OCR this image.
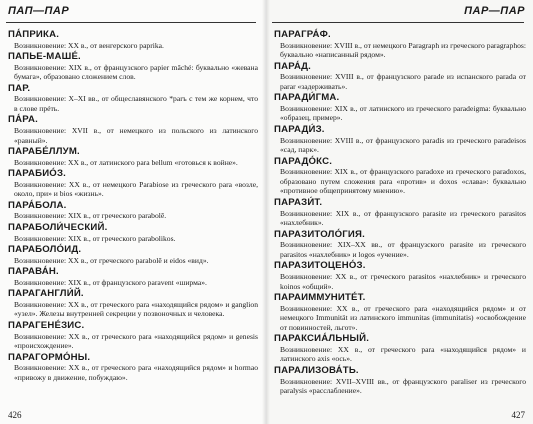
ПАП—ПАР
ПА́ПРИКА.
Возникновение: XX в., от венгерского paprika.
ПАПЬЕ-МАШЕ́.
Возникновение: XIX в., от французского papier mâché: буквально «жевана бумага», образовано сложением слов.
ПАР.
Возникновение: X–XI вв., от общеславянского *parъ с тем же корнем, что в слове прéть.
ПА́РА.
Возникновение: XVII в., от немецкого из польского из латинского «равный».
ПАРАБЕ́ЛЛУМ.
Возникновение: XX в., от латинского para bellum «готовься к войне».
ПАРАБИО́З.
Возникновение: XX в., от немецкого Parabiose из греческого para «возле, около, при» и bios «жизнь».
ПАРА́БОЛА.
Возникновение: XIX в., от греческого parabolē.
ПАРАБОЛИ́ЧЕСКИЙ.
Возникновение: XIX в., от греческого parabolikos.
ПАРАБОЛО́ИД.
Возникновение: XX в., от греческого parabolē и eidos «вид».
ПАРАВА́Н.
Возникновение: XIX в., от французского paravent «ширма».
ПАРАГАНГЛИ́Й.
Возникновение: XX в., от греческого para «находящийся рядом» и ganglion «узел». Железы внутренней секреции у позвоночных и человека.
ПАРАГЕНЕ́ЗИС.
Возникновение: XX в., от греческого para «находящийся рядом» и genesis «происхождение».
ПАРАГОРМО́НЫ.
Возникновение: XX в., от греческого para «находящийся рядом» и hormao «привожу в движение, побуждаю».
426
ПАР—ПАР
ПАРАГРА́Ф.
Возникновение: XVIII в., от немецкого Paragraph из греческого paragraphos: буквально «написанный рядом».
ПАРА́Д.
Возникновение: XVIII в., от французского parade из испанского parada от parar «задерживать».
ПАРАДИ́ГМА.
Возникновение: XIX в., от латинского из греческого paradeigma: буквально «образец, пример».
ПАРАДИ́З.
Возникновение: XVIII в., от французского paradis из греческого paradeisos «сад, парк».
ПАРАДО́КС.
Возникновение: XIX в., от французского paradoxe из греческого paradoxos, образовано путем сложения para «против» и doxos «слава»: буквально «противное общепринятому мнению».
ПАРАЗИ́Т.
Возникновение: XIX в., от французского parasite из греческого parasitos «нахлебник».
ПАРАЗИТОЛО́ГИЯ.
Возникновение: XIX–XX вв., от французского parasite из греческого parasitos «нахлебник» и logos «учение».
ПАРАЗИТОЦЕНО́З.
Возникновение: XX в., от греческого parasitos «нахлебник» и греческого koinos «общий».
ПАРАИММУНИТЕ́Т.
Возникновение: XX в., от греческого para «находящийся рядом» и от немецкого Immunität из латинского immunitas (immunitatis) «освобождение от повинностей, льгот».
ПАРАКСИА́ЛЬНЫЙ.
Возникновение: XX в., от греческого para «находящийся рядом» и латинского axis «ось».
ПАРАЛИЗОВА́ТЬ.
Возникновение: XVII–XVIII вв., от французского paraliser из греческого paralysis «расслабление».
427
